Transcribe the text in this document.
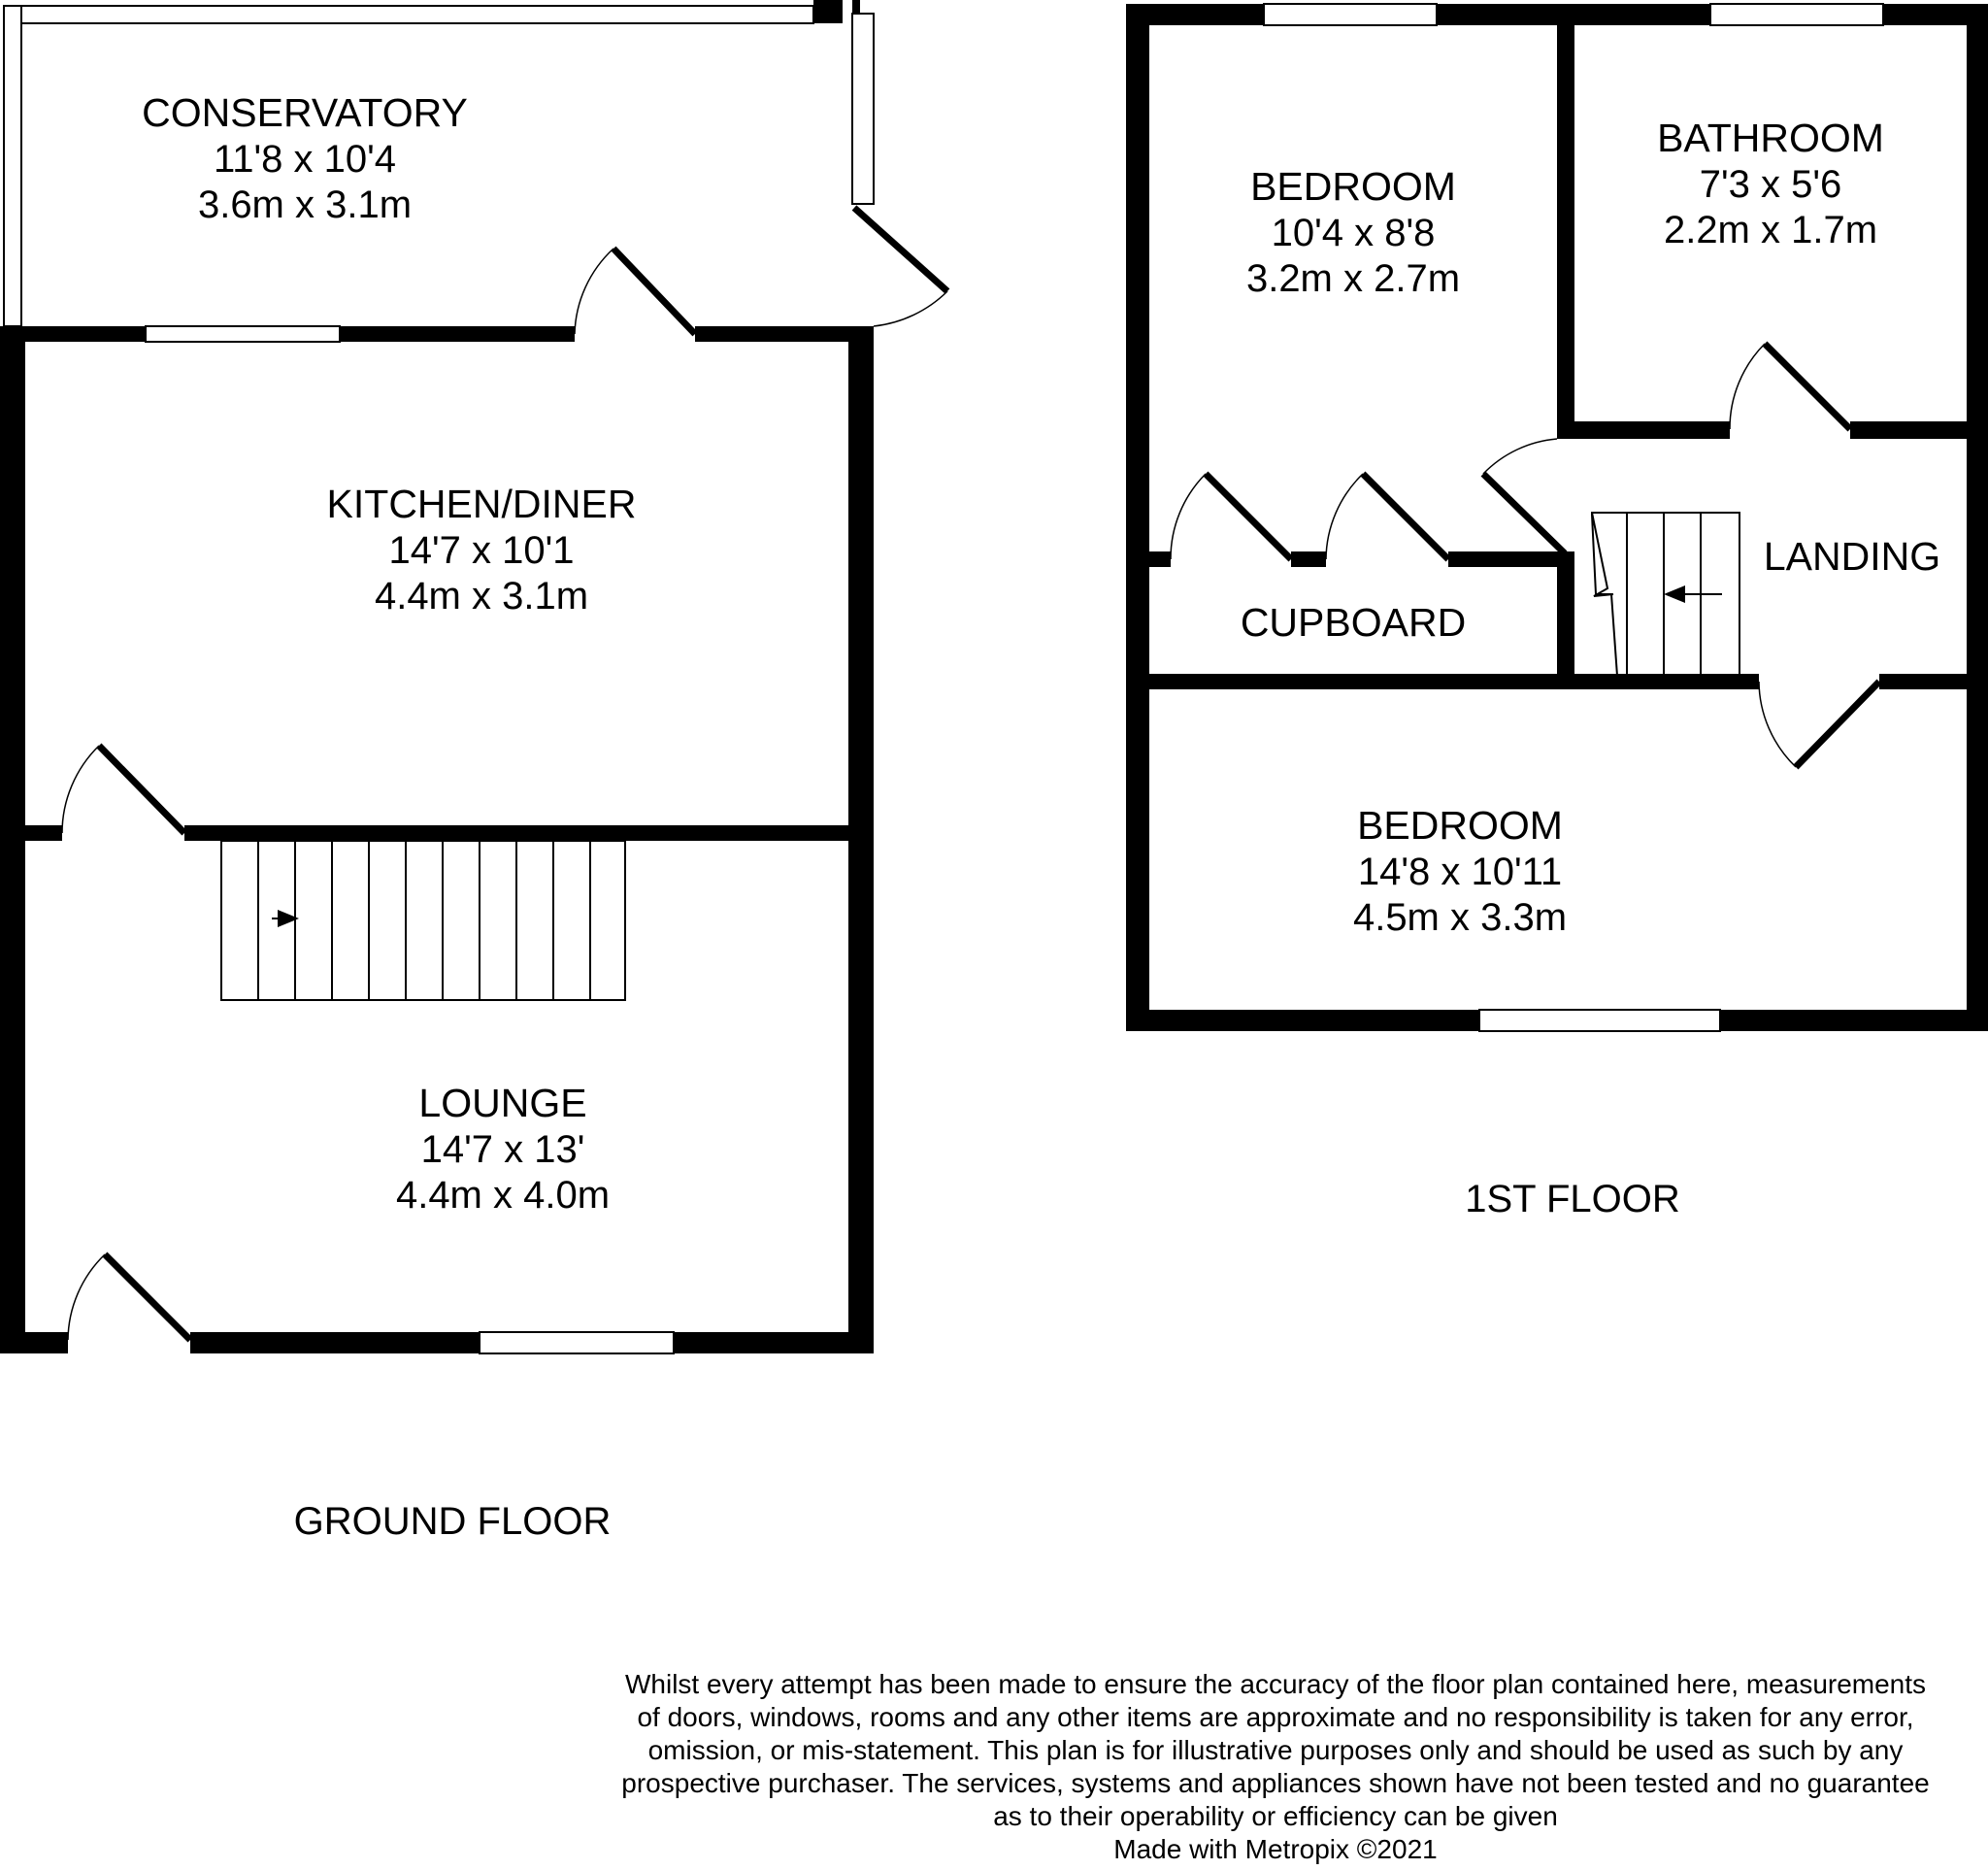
CONSERVATORY
11'8 x 10'4
3.6m x 3.1m
KITCHEN/DINER
14'7 x 10'1
4.4m x 3.1m
LOUNGE
14'7 x 13'
4.4m x 4.0m
BEDROOM
10'4 x 8'8
3.2m x 2.7m
BATHROOM
7'3 x 5'6
2.2m x 1.7m
CUPBOARD
LANDING
BEDROOM
14'8 x 10'11
4.5m x 3.3m
GROUND FLOOR
1ST FLOOR
Whilst every attempt has been made to ensure the accuracy of the floor plan contained here, measurements
of doors, windows, rooms and any other items are approximate and no responsibility is taken for any error,
omission, or mis-statement. This plan is for illustrative purposes only and should be used as such by any
prospective purchaser. The services, systems and appliances shown have not been tested and no guarantee
as to their operability or efficiency can be given
Made with Metropix ©2021
